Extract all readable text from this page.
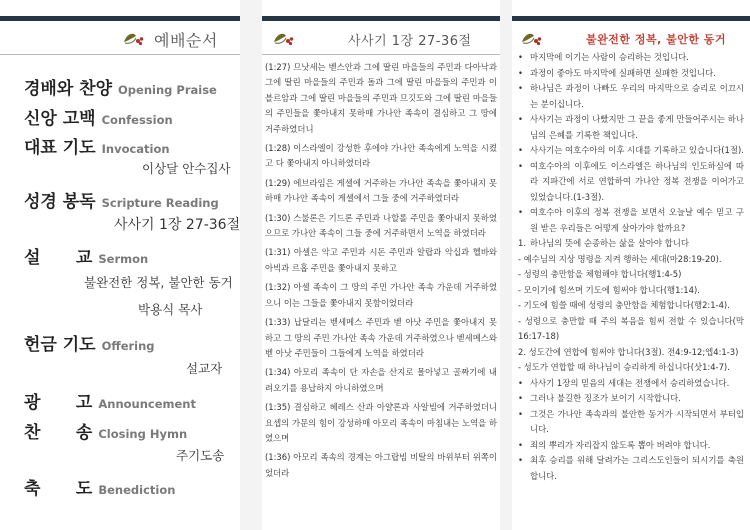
예배순서
경배와 찬양 Opening Praise
신앙 고백 Confession
대표 기도 Invocation
이상달 안수집사
성경 봉독 Scripture Reading
사사기 1장 27-36절
설      교 Sermon
불완전한 정복, 불안한 동거
박용식 목사
헌금 기도 Offering
설교자
광      고 Announcement
찬      송 Closing Hymn
주기도송
축      도 Benediction
사사기 1장 27-36절

(1:27) 므낫세는 벧스안과 그에 딸린 마을들의 주민과 다아낙과 그에 딸린 마을들의 주민과 돌과 그에 딸린 마을들의 주민과 이블르암과 그에 딸린 마을들의 주민과 므깃도와 그에 딸린 마을들의 주민들을 쫓아내지 못하매 가나안 족속이 결심하고 그 땅에 거주하였더니

(1:28) 이스라엘이 강성한 후에야 가나안 족속에게 노역을 시켰고 다 쫓아내지 아니하였더라

(1:29) 에브라임은 게셀에 거주하는 가나안 족속을 쫓아내지 못하매 가나안 족속이 게셀에서 그들 중에 거주하였더라

(1:30) 스불론은 기드론 주민과 나할롤 주민을 쫓아내지 못하였으므로 가나안 족속이 그들 중에 거주하면서 노역을 하였더라

(1:31) 아셀은 악고 주민과 시돈 주민과 알랍과 악십과 헬바와 아빅과 르홉 주민을 쫓아내지 못하고

(1:32) 아셀 족속이 그 땅의 주민 가나안 족속 가운데 거주하였으니 이는 그들을 쫓아내지 못함이었더라

(1:33) 납달리는 벧세메스 주민과 벧 아낫 주민을 쫓아내지 못하고 그 땅의 주민 가나안 족속 가운데 거주하였으나 벧세메스와 벧 아낫 주민들이 그들에게 노역을 하였더라

(1:34) 아모리 족속이 단 자손을 산지로 몰아넣고 골짜기에 내려오기를 용납하지 아니하였으며

(1:35) 결심하고 헤레스 산과 아얄론과 사알빔에 거주하였더니 요셉의 가문의 힘이 강성하매 아모리 족속이 마침내는 노역을 하였으며

(1:36) 아모리 족속의 경계는 아그랍빔 비탈의 바위부터 위쪽이었더라

불완전한 정복, 불안한 동거
• 마지막에 이기는 사람이 승리하는 것입니다.
• 과정이 좋아도 마지막에 실패하면 실패한 것입니다.
• 하나님은 과정이 나빠도 우리의 마지막으로 승리로 이끄시는 분이십니다.
• 사사기는 과정이 나빴지만 그 끝을 좋게 만들어주시는 하나님의 은혜를 기록한 책입니다.
• 사사기는 여호수아의 이후 시대를 기록하고 있습니다(1절).
• 여호수아의 이후에도 이스라엘은 하나님의 인도하심에 따라 지파간에 서로 연합하여 가나안 정복 전쟁을 이어가고 있었습니다.(1-3절).
• 여호수아 이후의 정복 전쟁을 보면서 오늘날 예수 믿고 구원 받은 우리들은 어떻게 살아가야 할까요?
1. 하나님의 뜻에 순종하는 삶을 살아야 합니다
- 예수님의 지상 명령을 지켜 행하는 세대(마28:19-20).
- 성령의 충만함을 체험해야 합니다(행1:4-5)
- 모이기에 힘쓰며 기도에 힘써야 합니다(행1:14).
- 기도에 힘쓸 때에 성령의 충만함을 체험합니다(행2:1-4).
- 성령으로 충만할 때 주의 복음을 힘써 전할 수 있습니다(막16:17-18)
2. 성도간에 연합에 힘써야 합니다(3절). 전4:9-12;엡4:1-3)
- 성도가 연합할 때 하나님이 승리하게 하십니다(삿1:4-7).
• 사사기 1장의 믿음의 세대는 전쟁에서 승리하였습니다.
• 그러나 불길한 징조가 보이기 시작합니다.
• 그것은 가나안 족속과의 불안한 동거가 시작되면서 부터입니다.
• 죄의 뿌리가 자리잡지 않도록 뽑아 버려야 합니다.
• 최후 승리를 위해 달려가는 그리스도인들이 되시기를 축원합니다.
